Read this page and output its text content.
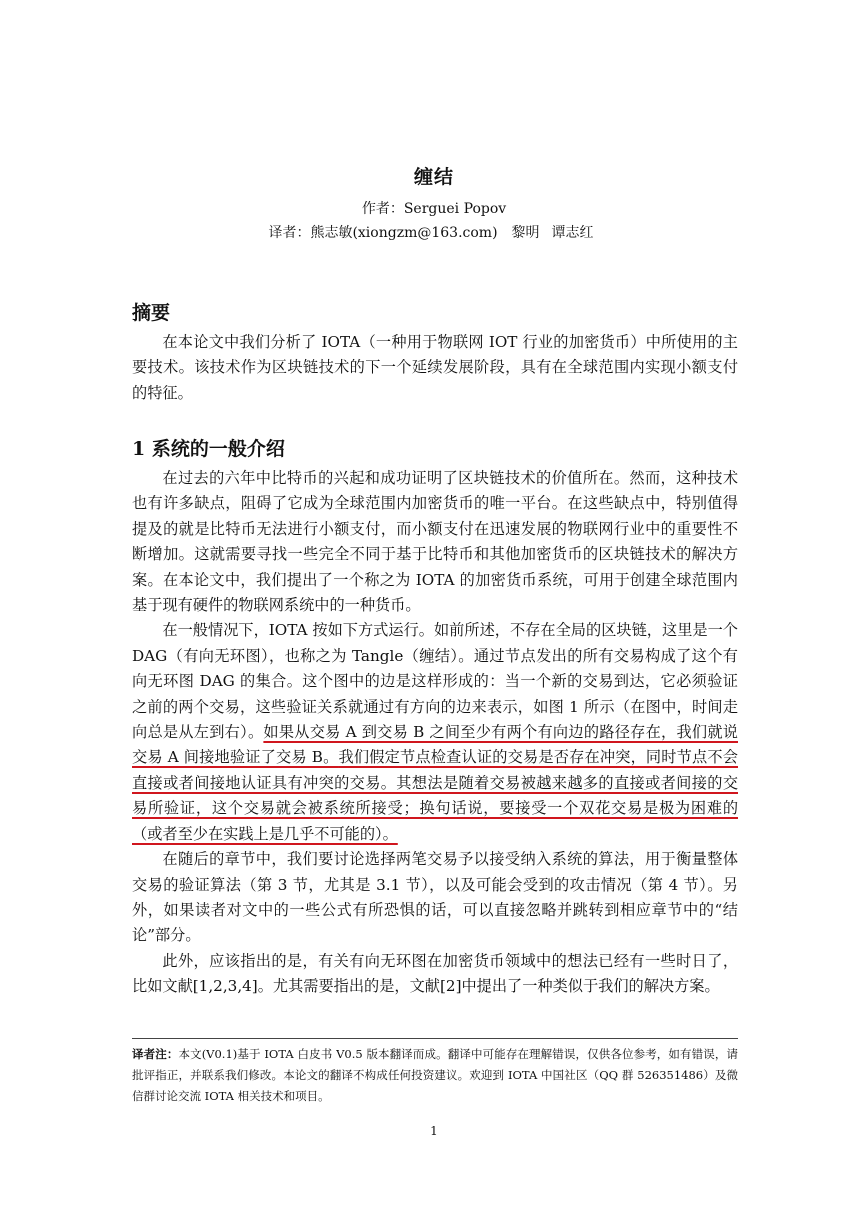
缠结
作者：Serguei Popov
译者：熊志敏(xiongzm@163.com) 黎明 谭志红
摘要

在本论文中我们分析了 IOTA（一种用于物联网 IOT 行业的加密货币）中所使用的主要技术。该技术作为区块链技术的下一个延续发展阶段，具有在全球范围内实现小额支付的特征。

1 系统的一般介绍

在过去的六年中比特币的兴起和成功证明了区块链技术的价值所在。然而，这种技术也有许多缺点，阻碍了它成为全球范围内加密货币的唯一平台。在这些缺点中，特别值得提及的就是比特币无法进行小额支付，而小额支付在迅速发展的物联网行业中的重要性不断增加。这就需要寻找一些完全不同于基于比特币和其他加密货币的区块链技术的解决方案。在本论文中，我们提出了一个称之为 IOTA 的加密货币系统，可用于创建全球范围内基于现有硬件的物联网系统中的一种货币。

在一般情况下，IOTA 按如下方式运行。如前所述，不存在全局的区块链，这里是一个 DAG（有向无环图），也称之为 Tangle（缠结）。通过节点发出的所有交易构成了这个有向无环图 DAG 的集合。这个图中的边是这样形成的：当一个新的交易到达，它必须验证之前的两个交易，这些验证关系就通过有方向的边来表示，如图 1 所示（在图中，时间走向总是从左到右）。如果从交易 A 到交易 B 之间至少有两个有向边的路径存在，我们就说交易 A 间接地验证了交易 B。我们假定节点检查认证的交易是否存在冲突，同时节点不会直接或者间接地认证具有冲突的交易。其想法是随着交易被越来越多的直接或者间接的交易所验证，这个交易就会被系统所接受；换句话说，要接受一个双花交易是极为困难的（或者至少在实践上是几乎不可能的）。

在随后的章节中，我们要讨论选择两笔交易予以接受纳入系统的算法，用于衡量整体交易的验证算法（第 3 节，尤其是 3.1 节），以及可能会受到的攻击情况（第 4 节）。另外，如果读者对文中的一些公式有所恐惧的话，可以直接忽略并跳转到相应章节中的“结论”部分。

此外，应该指出的是，有关有向无环图在加密货币领域中的想法已经有一些时日了，比如文献[1,2,3,4]。尤其需要指出的是，文献[2]中提出了一种类似于我们的解决方案。

译者注：本文(V0.1)基于 IOTA 白皮书 V0.5 版本翻译而成。翻译中可能存在理解错误，仅供各位参考，如有错误，请批评指正，并联系我们修改。本论文的翻译不构成任何投资建议。欢迎到 IOTA 中国社区（QQ 群 526351486）及微信群讨论交流 IOTA 相关技术和项目。
1
